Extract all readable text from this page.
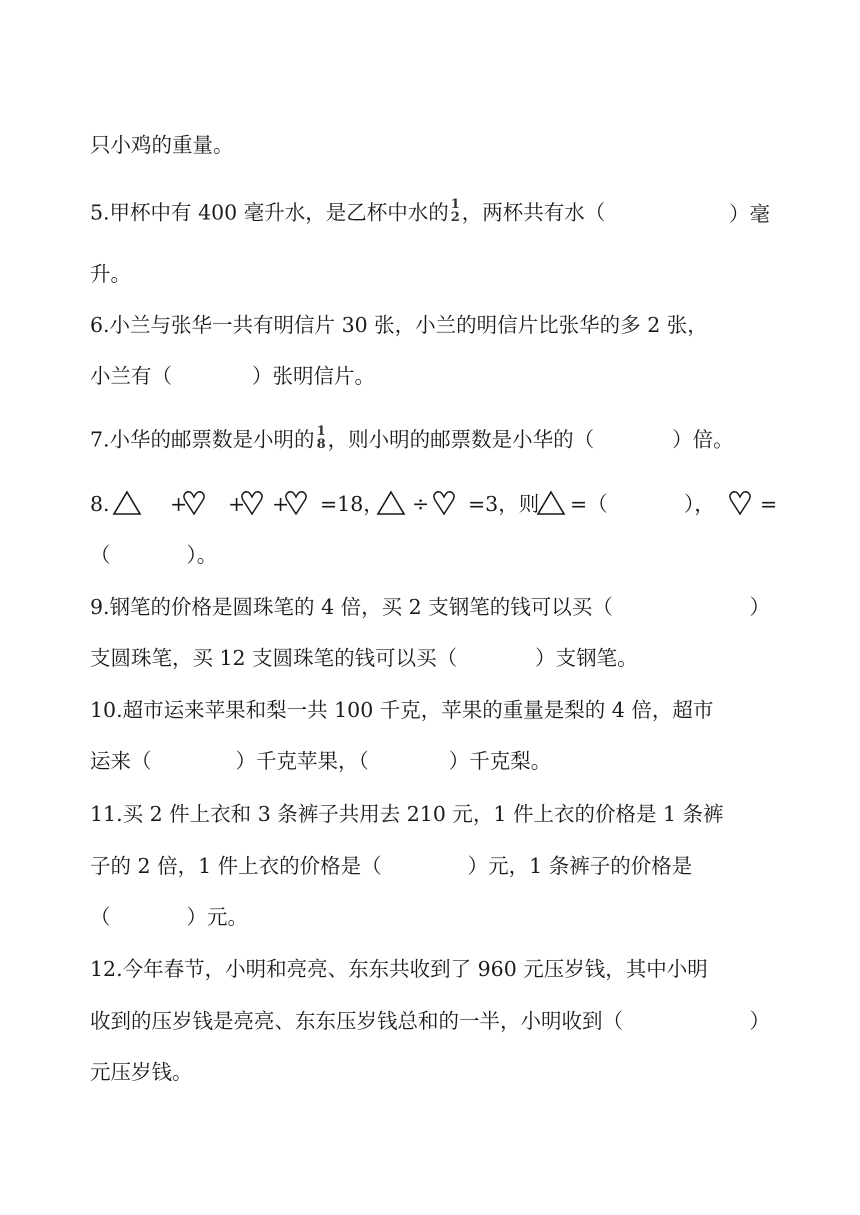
只小鸡的重量。
5.甲杯中有 400 毫升水，是乙杯中水的 1
2 ，两杯共有水（	）毫
升。
6.小兰与张华一共有明信片 30 张，小兰的明信片比张华的多 2 张，
小兰有（	）张明信片。
7.小华的邮票数是小明的 1
8 ，则小明的邮票数是小华的（	）倍。
8.	+ + + =18， ÷ =3，则 =（	）， =
（	）。
9.钢笔的价格是圆珠笔的 4 倍，买 2 支钢笔的钱可以买（	）
支圆珠笔，买 12 支圆珠笔的钱可以买（	）支钢笔。
10.超市运来苹果和梨一共 100 千克，苹果的重量是梨的 4 倍，超市
运来（	）千克苹果，（	）千克梨。
11.买 2 件上衣和 3 条裤子共用去 210 元，1 件上衣的价格是 1 条裤
子的 2 倍，1 件上衣的价格是（	）元，1 条裤子的价格是
（	）元。
12.今年春节，小明和亮亮、东东共收到了 960 元压岁钱，其中小明
收到的压岁钱是亮亮、东东压岁钱总和的一半，小明收到（	）
元压岁钱。
